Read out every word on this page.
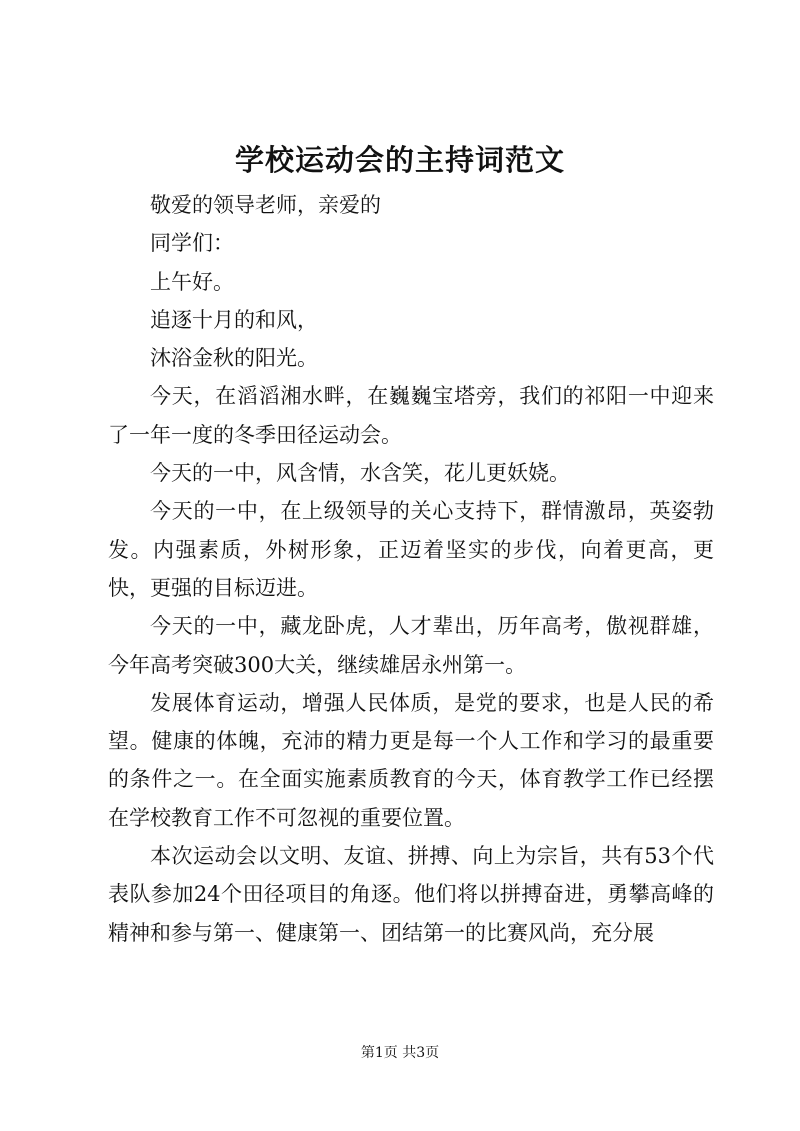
学校运动会的主持词范文

敬爱的领导老师，亲爱的

同学们：

上午好。

追逐十月的和风，

沐浴金秋的阳光。

今天，在滔滔湘水畔，在巍巍宝塔旁，我们的祁阳一中迎来了一年一度的冬季田径运动会。

今天的一中，风含情，水含笑，花儿更妖娆。

今天的一中，在上级领导的关心支持下，群情激昂，英姿勃发。内强素质，外树形象，正迈着坚实的步伐，向着更高，更快，更强的目标迈进。

今天的一中，藏龙卧虎，人才辈出，历年高考，傲视群雄，今年高考突破300大关，继续雄居永州第一。

发展体育运动，增强人民体质，是党的要求，也是人民的希望。健康的体魄，充沛的精力更是每一个人工作和学习的最重要的条件之一。在全面实施素质教育的今天，体育教学工作已经摆在学校教育工作不可忽视的重要位置。

本次运动会以文明、友谊、拼搏、向上为宗旨，共有53个代表队参加24个田径项目的角逐。他们将以拼搏奋进，勇攀高峰的精神和参与第一、健康第一、团结第一的比赛风尚，充分展

第1页 共3页
